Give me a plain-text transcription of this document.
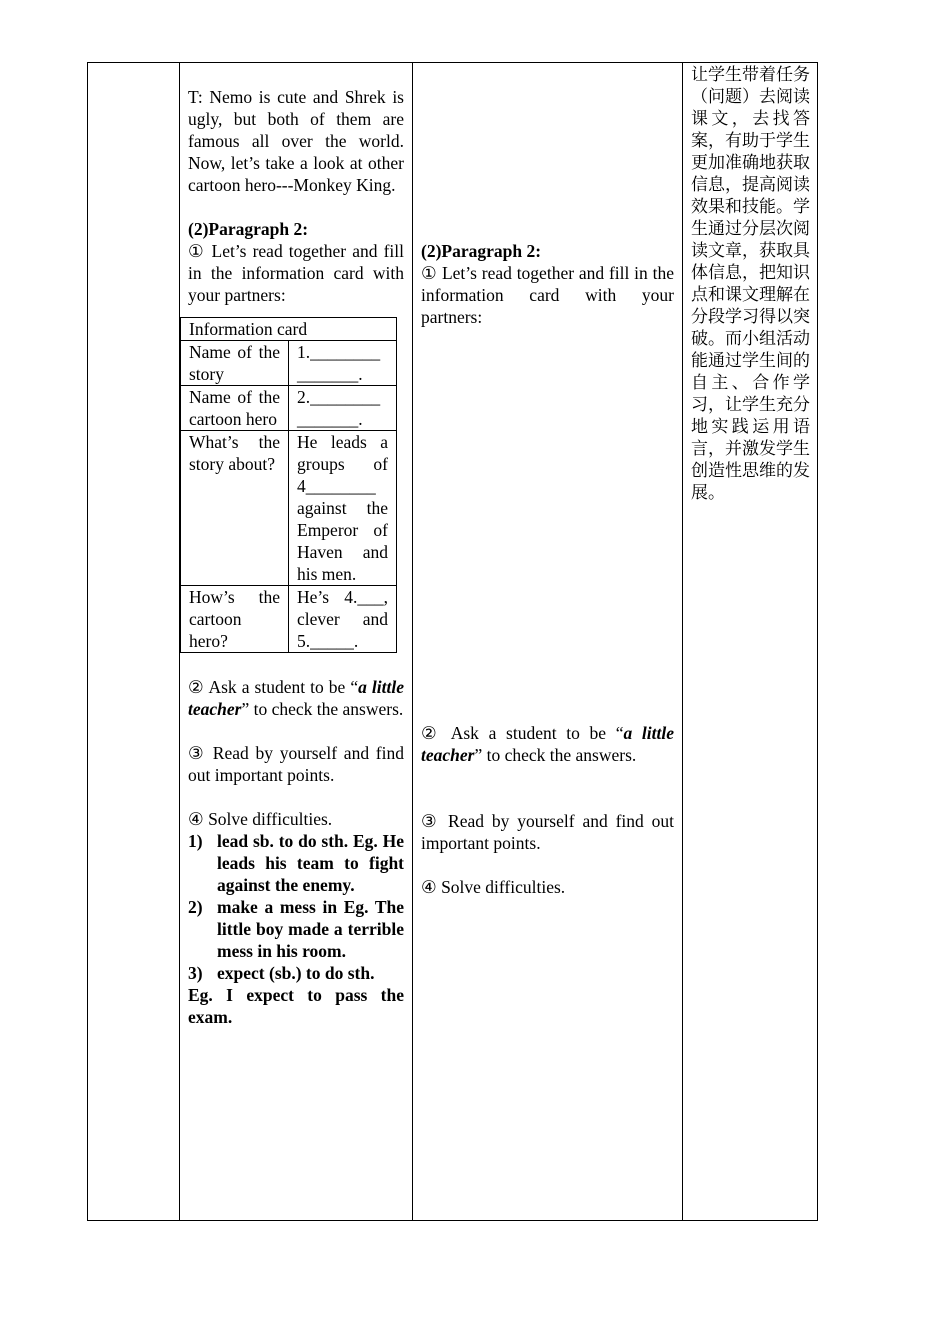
T: Nemo is cute and Shrek is ugly, but both of them are famous all over the world. Now, let’s take a look at other cartoon hero---Monkey King.

(2)Paragraph 2:

① Let’s read together and fill in the information card with your partners:

Information card	
Name of the story	1.________ _______.
Name of the cartoon hero	2.________ _______.
What’s the story about?	He leads a groups of 4________ against the Emperor of Haven and his men.
How’s the cartoon hero?	He’s 4.___, clever and 5._____.

② Ask a student to be “a little teacher” to check the answers.

③ Read by yourself and find out important points.

④ Solve difficulties.

1) lead sb. to do sth. Eg. He leads his team to fight against the enemy.
2) make a mess in Eg. The little boy made a terrible mess in his room.
3) expect (sb.) to do sth.

Eg. I expect to pass the exam.

(2)Paragraph 2:

① Let’s read together and fill in the information card with your partners:

② Ask a student to be “a little teacher” to check the answers.

③ Read by yourself and find out important points.

④ Solve difficulties.

让学生带着任务（问题）去阅读课文，去找答案，有助于学生更加准确地获取信息，提高阅读效果和技能。学生通过分层次阅读文章，获取具体信息，把知识点和课文理解在分段学习得以突破。而小组活动能通过学生间的自主、合作学习，让学生充分地实践运用语言，并激发学生创造性思维的发展。
